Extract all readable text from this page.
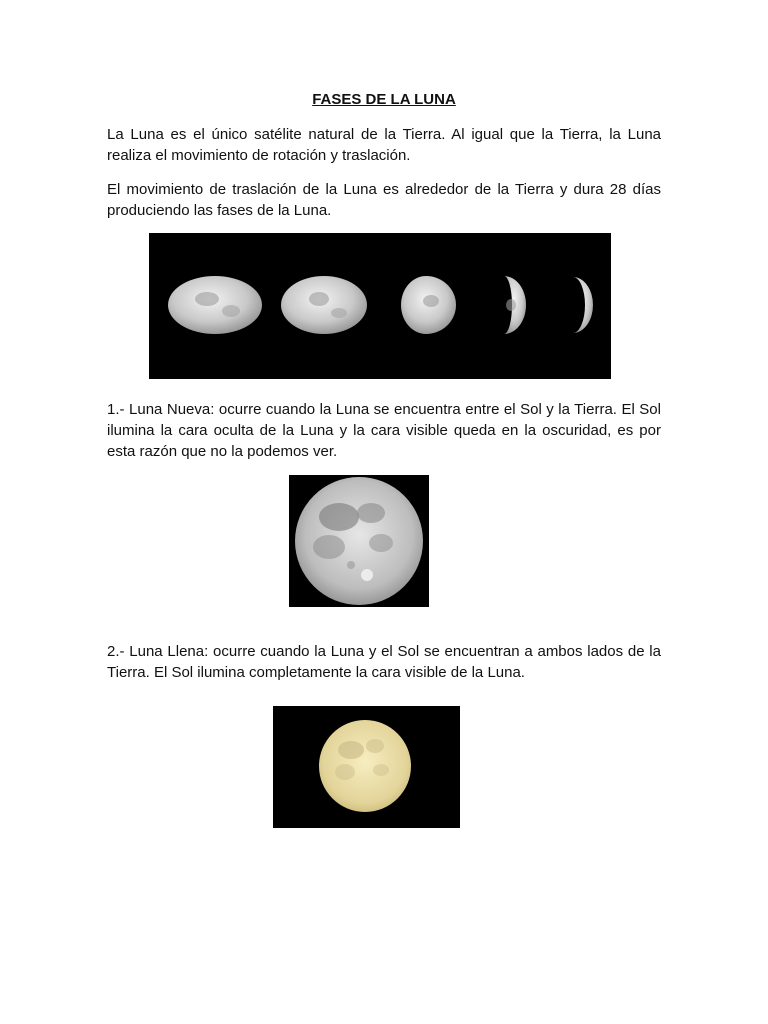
FASES DE LA LUNA

La Luna es el único satélite natural de la Tierra. Al igual que la Tierra, la Luna realiza el movimiento de rotación y traslación.

El movimiento de traslación de la Luna es alrededor de la Tierra y dura 28 días produciendo las fases de la Luna.

1.- Luna Nueva: ocurre cuando la Luna se encuentra entre el Sol y la Tierra. El Sol ilumina la cara oculta de la Luna y la cara visible queda en la oscuridad, es por esta razón que no la podemos ver.

2.- Luna Llena: ocurre cuando la Luna y el Sol se encuentran a ambos lados de la Tierra. El Sol ilumina completamente la cara visible de la Luna.
